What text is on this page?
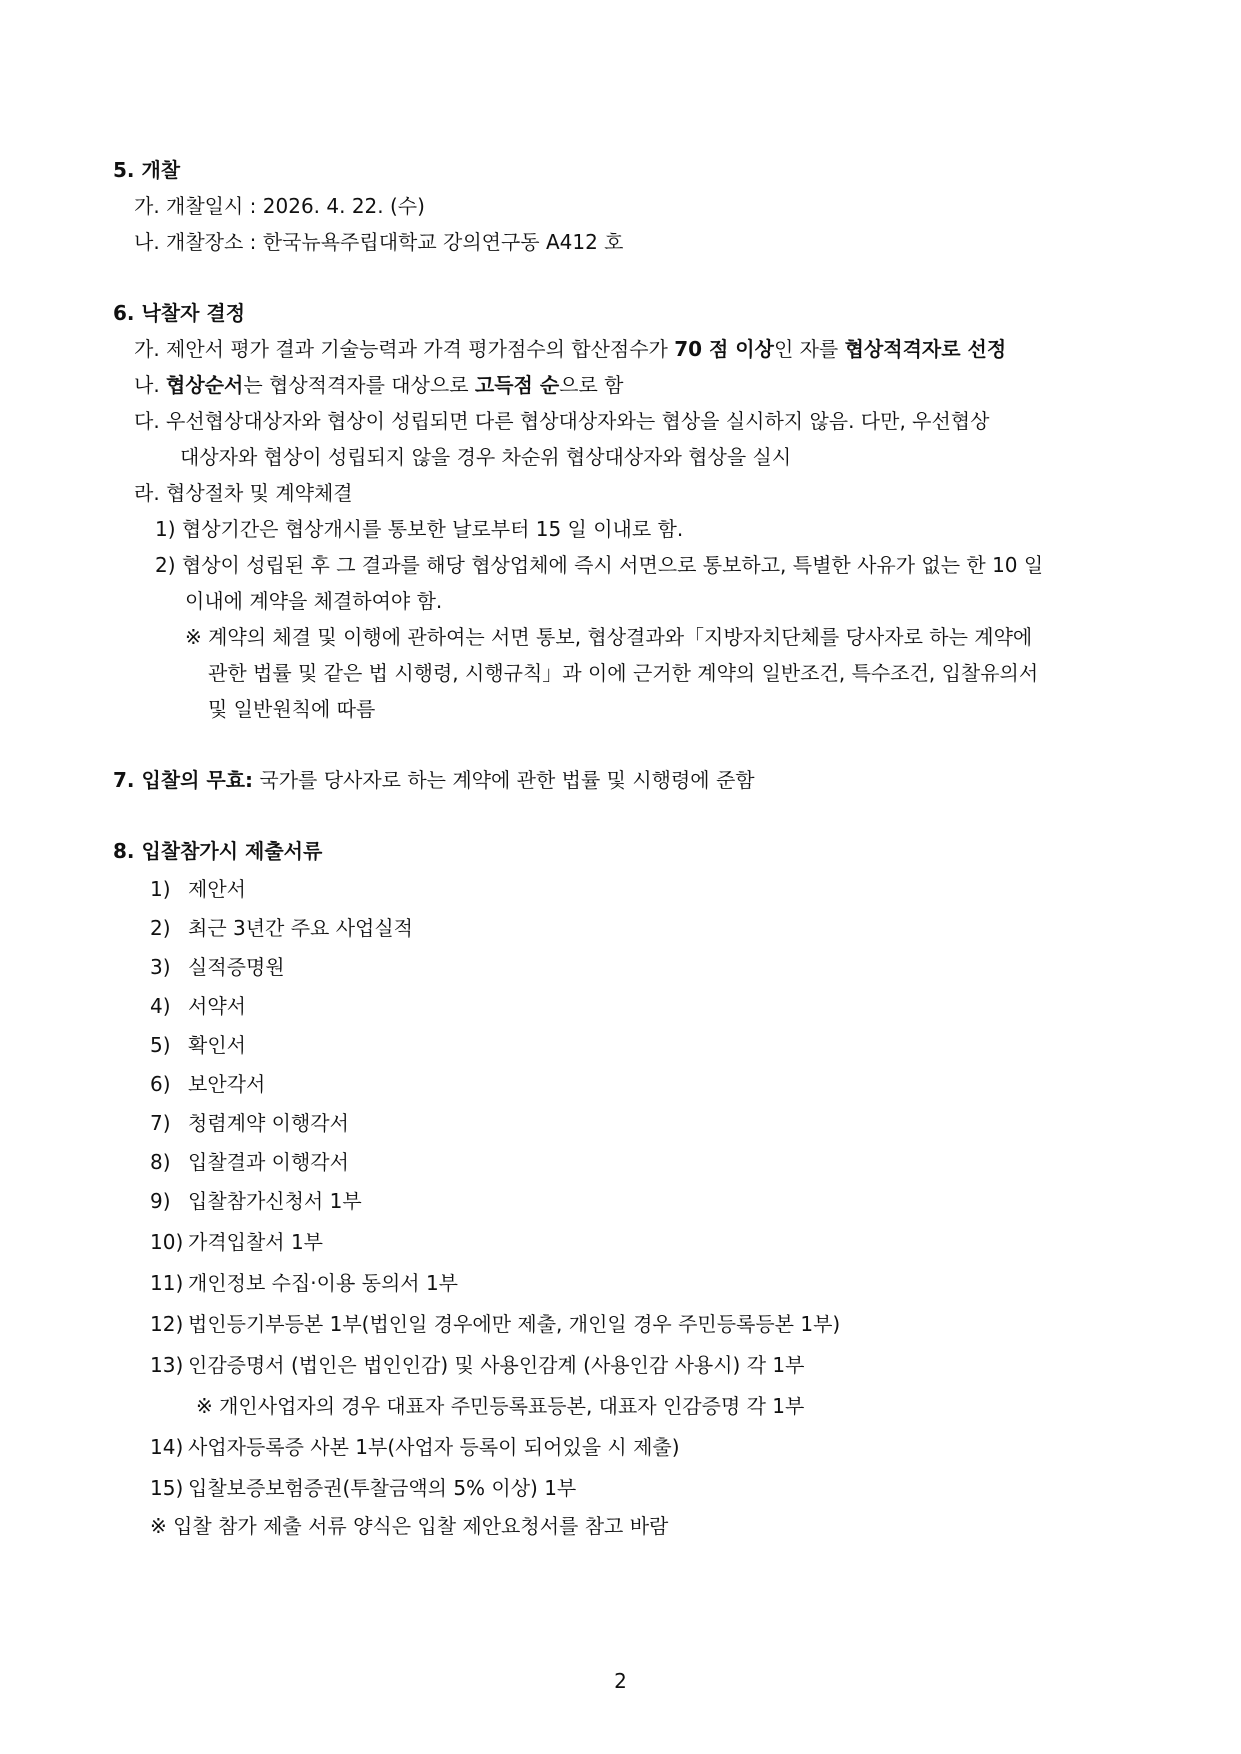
5. 개찰
가. 개찰일시 : 2026. 4. 22. (수)
나. 개찰장소 : 한국뉴욕주립대학교 강의연구동 A412 호
6. 낙찰자 결정
가. 제안서 평가 결과 기술능력과 가격 평가점수의 합산점수가 70 점 이상인 자를 협상적격자로 선정
나. 협상순서는 협상적격자를 대상으로 고득점 순으로 함
다. 우선협상대상자와 협상이 성립되면 다른 협상대상자와는 협상을 실시하지 않음. 다만, 우선협상
대상자와 협상이 성립되지 않을 경우 차순위 협상대상자와 협상을 실시
라. 협상절차 및 계약체결
1) 협상기간은 협상개시를 통보한 날로부터 15 일 이내로 함.
2) 협상이 성립된 후 그 결과를 해당 협상업체에 즉시 서면으로 통보하고, 특별한 사유가 없는 한 10 일
이내에 계약을 체결하여야 함.
※ 계약의 체결 및 이행에 관하여는 서면 통보, 협상결과와「지방자치단체를 당사자로 하는 계약에
관한 법률 및 같은 법 시행령, 시행규칙」과 이에 근거한 계약의 일반조건, 특수조건, 입찰유의서
및 일반원칙에 따름
7. 입찰의 무효: 국가를 당사자로 하는 계약에 관한 법률 및 시행령에 준함
8. 입찰참가시 제출서류
1) 제안서
2) 최근 3년간 주요 사업실적
3) 실적증명원
4) 서약서
5) 확인서
6) 보안각서
7) 청렴계약 이행각서
8) 입찰결과 이행각서
9) 입찰참가신청서 1부
10) 가격입찰서 1부
11) 개인정보 수집·이용 동의서 1부
12) 법인등기부등본 1부(법인일 경우에만 제출, 개인일 경우 주민등록등본 1부)
13) 인감증명서 (법인은 법인인감) 및 사용인감계 (사용인감 사용시) 각 1부
※ 개인사업자의 경우 대표자 주민등록표등본, 대표자 인감증명 각 1부
14) 사업자등록증 사본 1부(사업자 등록이 되어있을 시 제출)
15) 입찰보증보험증권(투찰금액의 5% 이상) 1부
※ 입찰 참가 제출 서류 양식은 입찰 제안요청서를 참고 바람
2
